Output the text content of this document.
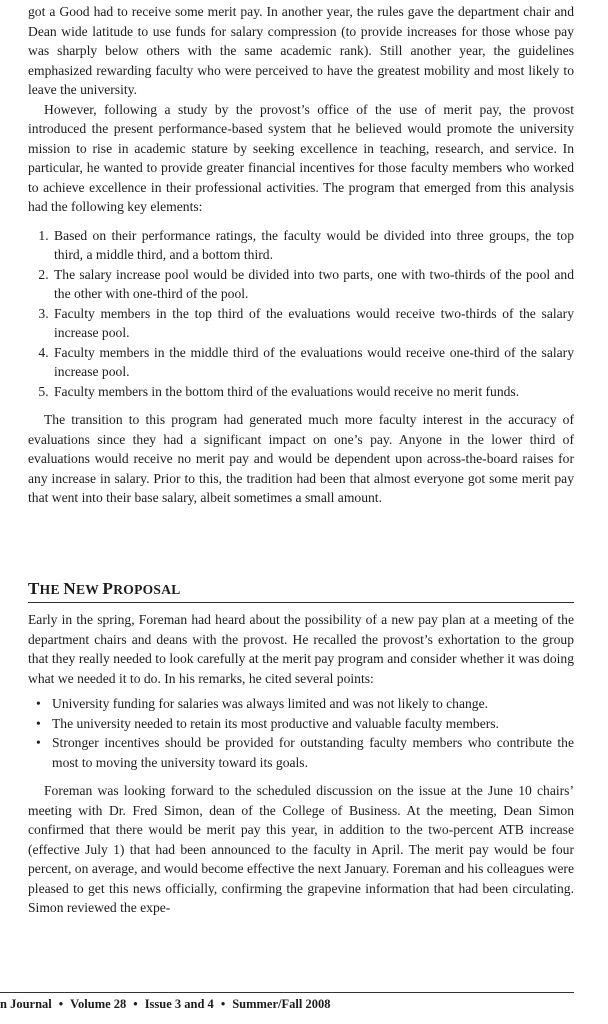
got a Good had to receive some merit pay. In another year, the rules gave the department chair and Dean wide latitude to use funds for salary compression (to provide increases for those whose pay was sharply below others with the same academic rank). Still another year, the guidelines emphasized rewarding faculty who were perceived to have the greatest mobility and most likely to leave the university.

However, following a study by the provost’s office of the use of merit pay, the provost introduced the present performance-based system that he believed would promote the university mission to rise in academic stature by seeking excellence in teaching, research, and service. In particular, he wanted to provide greater financial incentives for those faculty members who worked to achieve excellence in their professional activities. The program that emerged from this analysis had the following key elements:

1. Based on their performance ratings, the faculty would be divided into three groups, the top third, a middle third, and a bottom third.
2. The salary increase pool would be divided into two parts, one with two-thirds of the pool and the other with one-third of the pool.
3. Faculty members in the top third of the evaluations would receive two-thirds of the salary increase pool.
4. Faculty members in the middle third of the evaluations would receive one-third of the salary increase pool.
5. Faculty members in the bottom third of the evaluations would receive no merit funds.

The transition to this program had generated much more faculty interest in the accuracy of evaluations since they had a significant impact on one’s pay. Anyone in the lower third of evaluations would receive no merit pay and would be dependent upon across-the-board raises for any increase in salary. Prior to this, the tradition had been that almost everyone got some merit pay that went into their base salary, albeit sometimes a small amount.

THE NEW PROPOSAL

Early in the spring, Foreman had heard about the possibility of a new pay plan at a meeting of the department chairs and deans with the provost. He recalled the provost’s exhortation to the group that they really needed to look carefully at the merit pay program and consider whether it was doing what we needed it to do. In his remarks, he cited several points:

• University funding for salaries was always limited and was not likely to change.
• The university needed to retain its most productive and valuable faculty members.
• Stronger incentives should be provided for outstanding faculty members who contribute the most to moving the university toward its goals.

Foreman was looking forward to the scheduled discussion on the issue at the June 10 chairs’ meeting with Dr. Fred Simon, dean of the College of Business. At the meeting, Dean Simon confirmed that there would be merit pay this year, in addition to the two-percent ATB increase (effective July 1) that had been announced to the faculty in April. The merit pay would be four percent, on average, and would become effective the next January. Foreman and his colleagues were pleased to get this news officially, confirming the grapevine information that had been circulating. Simon reviewed the expe-

n Journal • Volume 28 • Issue 3 and 4 • Summer/Fall 2008
